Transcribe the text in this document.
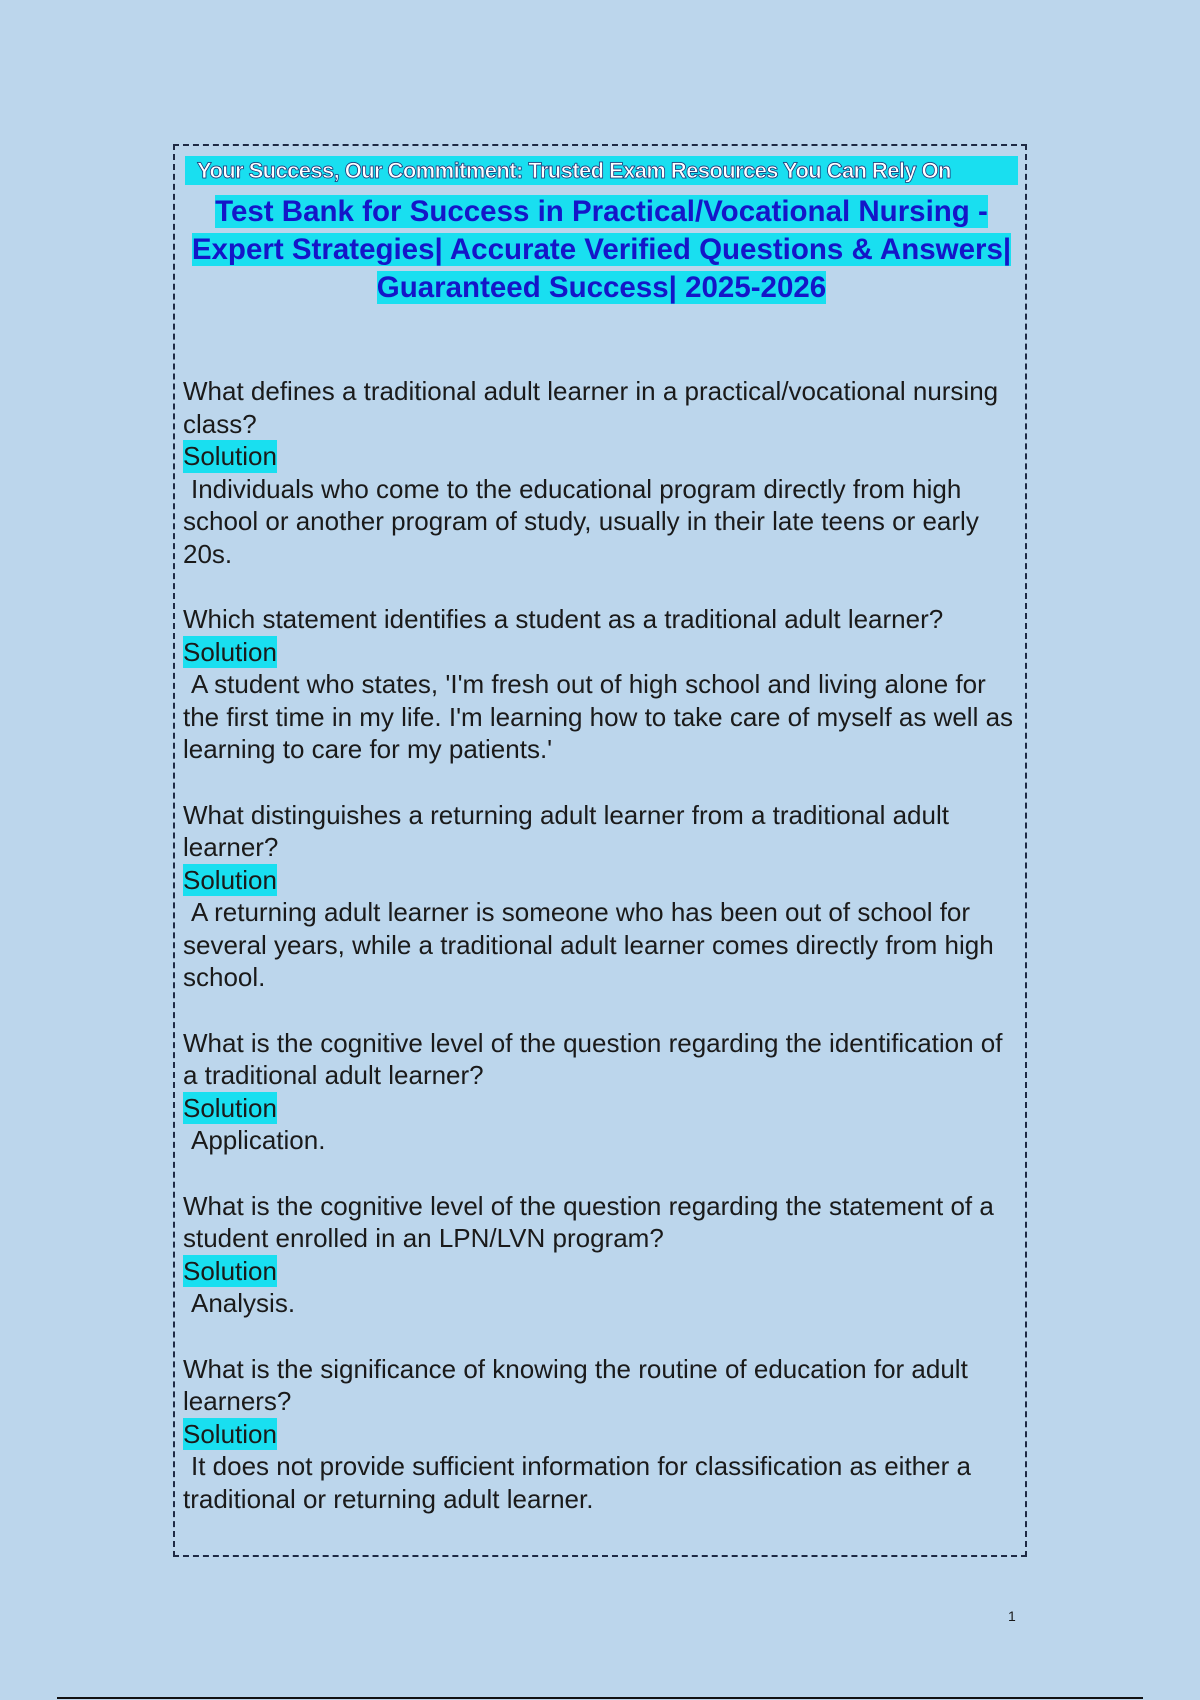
Your Success, Our Commitment: Trusted Exam Resources You Can Rely On

Test Bank for Success in Practical/Vocational Nursing -Expert Strategies| Accurate Verified Questions & Answers| Guaranteed Success| 2025-2026

What defines a traditional adult learner in a practical/vocational nursing class?

Solution

Individuals who come to the educational program directly from high school or another program of study, usually in their late teens or early 20s.

Which statement identifies a student as a traditional adult learner?

Solution

A student who states, 'I'm fresh out of high school and living alone for the first time in my life. I'm learning how to take care of myself as well as learning to care for my patients.'

What distinguishes a returning adult learner from a traditional adult learner?

Solution

A returning adult learner is someone who has been out of school for several years, while a traditional adult learner comes directly from high school.

What is the cognitive level of the question regarding the identification of a traditional adult learner?

Solution

Application.

What is the cognitive level of the question regarding the statement of a student enrolled in an LPN/LVN program?

Solution

Analysis.

What is the significance of knowing the routine of education for adult learners?

Solution

It does not provide sufficient information for classification as either a traditional or returning adult learner.

1
